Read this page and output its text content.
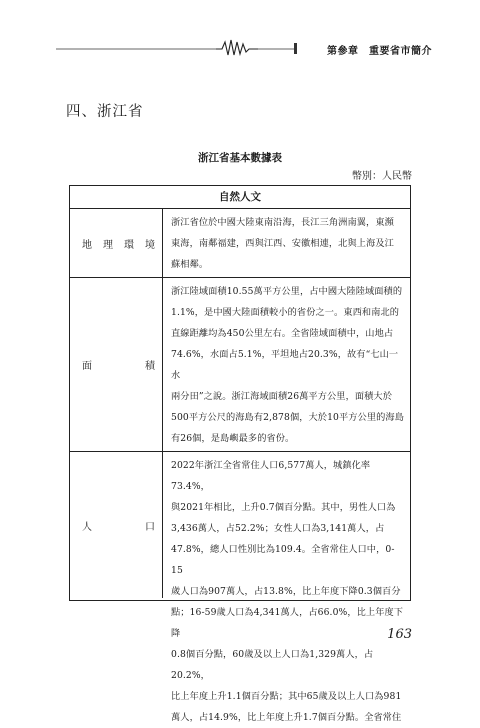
第參章　重要省市簡介
四、浙江省
浙江省基本數據表
幣別：人民幣
自然人文
地理環境

浙江省位於中國大陸東南沿海，長江三角洲南翼，東瀕

東海，南鄰福建，西與江西、安徽相連，北與上海及江

蘇相鄰。

面積

浙江陸域面積10.55萬平方公里，占中國大陸陸域面積的

1.1%，是中國大陸面積較小的省份之一。東西和南北的

直線距離均為450公里左右。全省陸域面積中，山地占

74.6%，水面占5.1%，平坦地占20.3%，故有“七山一水

兩分田”之說。浙江海域面積26萬平方公里，面積大於

500平方公尺的海島有2,878個，大於10平方公里的海島

有26個，是島嶼最多的省份。

人口

2022年浙江全省常住人口6,577萬人，城鎮化率73.4%，

與2021年相比，上升0.7個百分點。其中，男性人口為

3,436萬人，占52.2%；女性人口為3,141萬人，占

47.8%，總人口性別比為109.4。全省常住人口中，0-15

歲人口為907萬人，占13.8%，比上年度下降0.3個百分

點；16-59歲人口為4,341萬人，占66.0%，比上年度下降

0.8個百分點，60歲及以上人口為1,329萬人，占20.2%，

比上年度上升1.1個百分點；其中65歲及以上人口為981

萬人，占14.9%，比上年度上升1.7個百分點。全省常住

163
